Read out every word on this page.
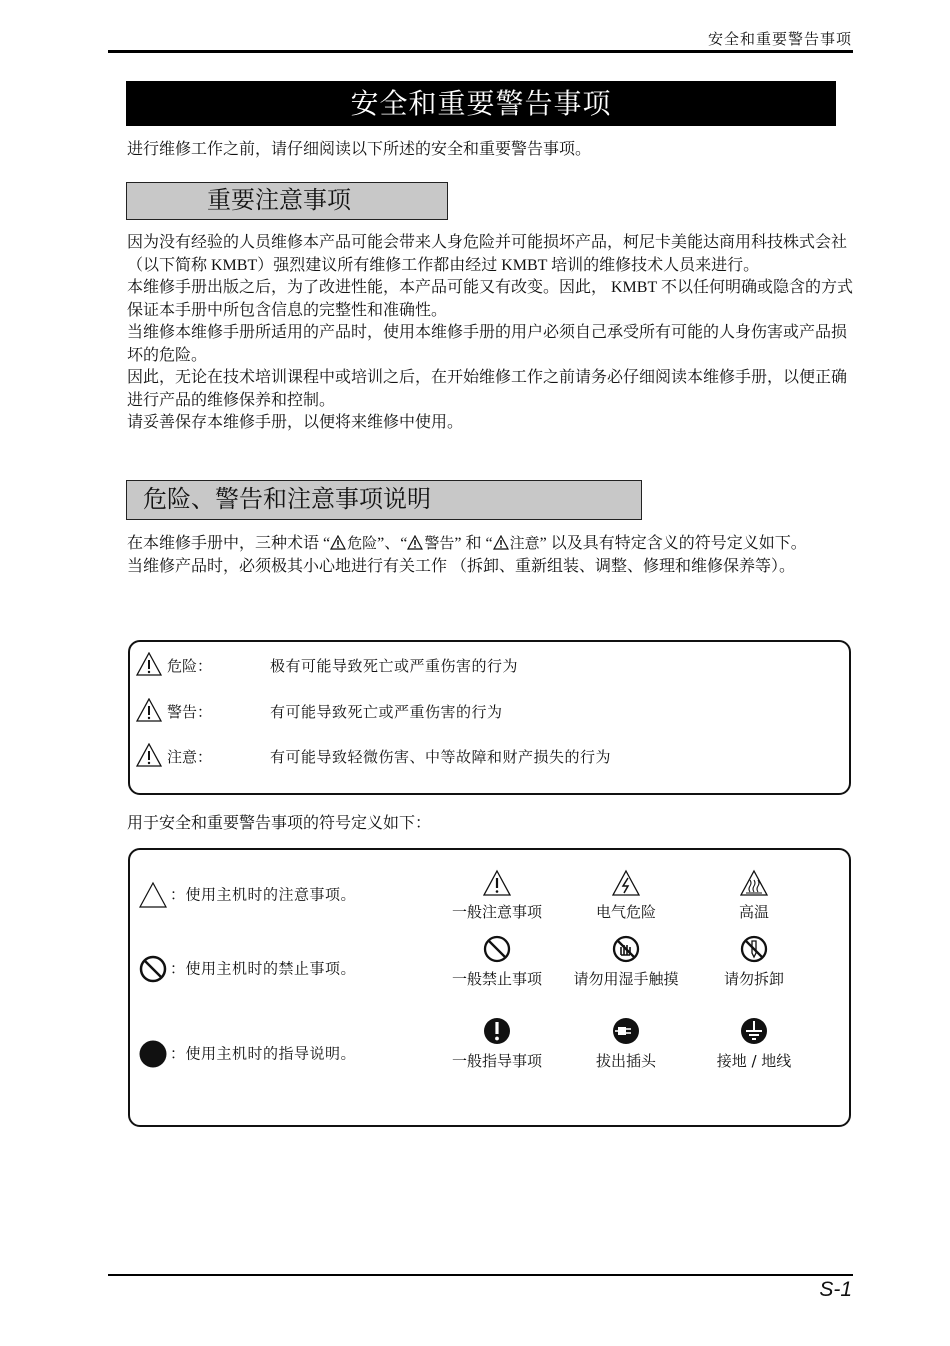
安全和重要警告事项
安全和重要警告事项
进行维修工作之前，请仔细阅读以下所述的安全和重要警告事项。
重要注意事项
因为没有经验的人员维修本产品可能会带来人身危险并可能损坏产品，柯尼卡美能达商用科技株式会社 （以下简称 KMBT）强烈建议所有维修工作都由经过 KMBT 培训的维修技术人员来进行。
本维修手册出版之后，为了改进性能，本产品可能又有改变。因此， KMBT 不以任何明确或隐含的方式保证本手册中所包含信息的完整性和准确性。
当维修本维修手册所适用的产品时，使用本维修手册的用户必须自己承受所有可能的人身伤害或产品损坏的危险。
因此，无论在技术培训课程中或培训之后，在开始维修工作之前请务必仔细阅读本维修手册，以便正确进行产品的维修保养和控制。
请妥善保存本维修手册，以便将来维修中使用。
危险、警告和注意事项说明
在本维修手册中，三种术语 “ 危险”、“ 警告” 和 “ 注意” 以及具有特定含义的符号定义如下。
当维修产品时，必须极其小心地进行有关工作 （拆卸、重新组装、调整、修理和维修保养等）。
危险：	极有可能导致死亡或严重伤害的行为
警告：	有可能导致死亡或严重伤害的行为
注意：	有可能导致轻微伤害、中等故障和财产损失的行为
用于安全和重要警告事项的符号定义如下：
：使用主机时的注意事项。
：使用主机时的禁止事项。
：使用主机时的指导说明。
一般注意事项	电气危险	高温
一般禁止事项	请勿用湿手触摸	请勿拆卸
一般指导事项	拔出插头	接地 / 地线
S-1
